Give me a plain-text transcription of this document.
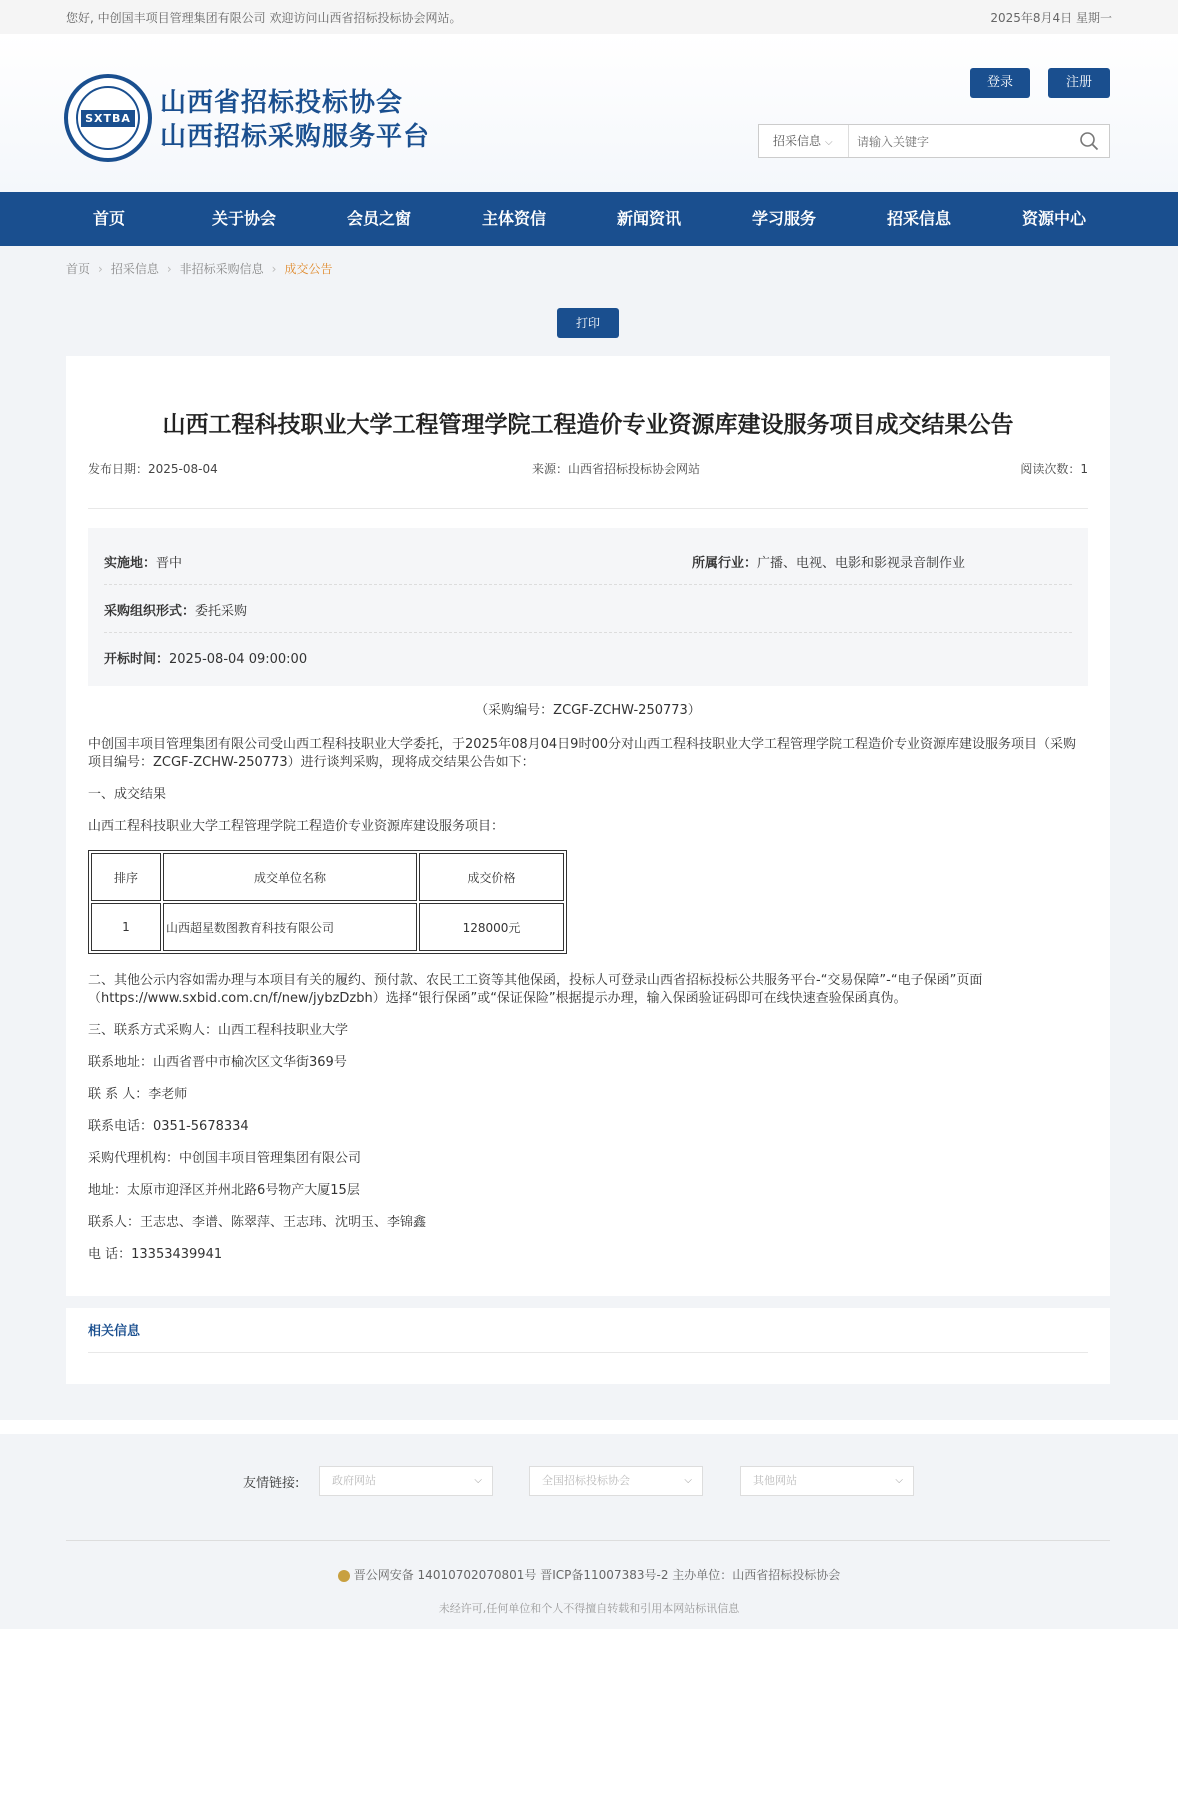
您好, 中创国丰项目管理集团有限公司 欢迎访问山西省招标投标协会网站。	2025年8月4日 星期一
SXTBA 山西省招标投标协会
山西招标采购服务平台
登录	注册
招采信息 ⌵
请输入关键字
首页	关于协会	会员之窗	主体资信	新闻资讯	学习服务	招采信息	资源中心
首页 › 招采信息 › 非招标采购信息 › 成交公告
打印
山西工程科技职业大学工程管理学院工程造价专业资源库建设服务项目成交结果公告
发布日期：2025-08-04	来源：山西省招标投标协会网站	阅读次数：1
实施地：晋中	所属行业：广播、电视、电影和影视录音制作业
采购组织形式：委托采购
开标时间：2025-08-04 09:00:00
（采购编号：ZCGF-ZCHW-250773）
中创国丰项目管理集团有限公司受山西工程科技职业大学委托，于2025年08月04日9时00分对山西工程科技职业大学工程管理学院工程造价专业资源库建设服务项目（采购项目编号：ZCGF-ZCHW-250773）进行谈判采购，现将成交结果公告如下：
一、成交结果
山西工程科技职业大学工程管理学院工程造价专业资源库建设服务项目：
排序	成交单位名称	成交价格
1	山西超星数图教育科技有限公司	128000元
二、其他公示内容如需办理与本项目有关的履约、预付款、农民工工资等其他保函，投标人可登录山西省招标投标公共服务平台-“交易保障”-“电子保函”页面（https://www.sxbid.com.cn/f/new/jybzDzbh）选择“银行保函”或“保证保险”根据提示办理，输入保函验证码即可在线快速查验保函真伪。
三、联系方式采购人：山西工程科技职业大学
联系地址：山西省晋中市榆次区文华街369号
联 系 人：李老师
联系电话：0351-5678334
采购代理机构：中创国丰项目管理集团有限公司
地址：太原市迎泽区并州北路6号物产大厦15层
联系人：王志忠、李谱、陈翠萍、王志玮、沈明玉、李锦鑫
电 话：13353439941
相关信息
友情链接:	政府网站	⌵	全国招标投标协会	⌵	其他网站	⌵
晋公网安备 14010702070801号 晋ICP备11007383号-2 主办单位：山西省招标投标协会
未经许可,任何单位和个人不得擅自转载和引用本网站标讯信息
